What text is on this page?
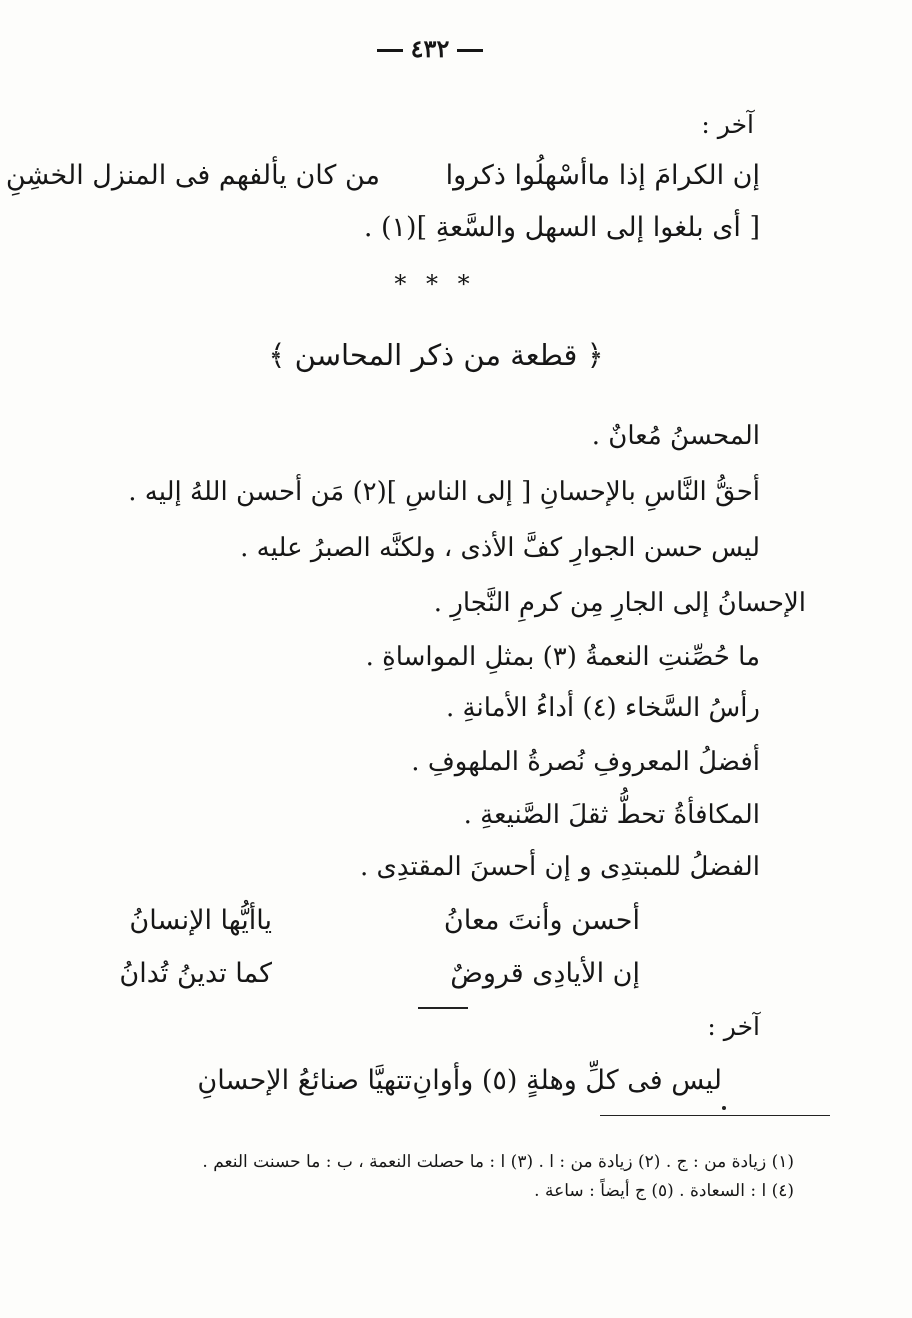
٤٣٢
آخر :
إن الكرامَ إذا ماأسْهلُوا ذكروا
من كان يألفهم فى المنزل الخشِنِ
[ أى بلغوا إلى السهل والسَّعةِ ](١) .
* * *
﴿ قطعة من ذكر المحاسن ﴾
المحسنُ مُعانٌ .
أحقُّ النَّاسِ بالإحسانِ [ إلى الناسِ ](٢) مَن أحسن اللهُ إليه .
ليس حسن الجوارِ كفَّ الأذى ، ولكنَّه الصبرُ عليه .
الإحسانُ إلى الجارِ مِن كرمِ النَّجارِ .
ما حُصِّنتِ النعمةُ (٣) بمثلِ المواساةِ .
رأسُ السَّخاء (٤) أداءُ الأمانةِ .
أفضلُ المعروفِ نُصرةُ الملهوفِ .
المكافأةُ تحطُّ ثقلَ الصَّنيعةِ .
الفضلُ للمبتدِى و إن أحسنَ المقتدِى .
أحسن وأنتَ معانُ
ياأيُّها الإنسانُ
إن الأيادِى قروضٌ
كما تدينُ تُدانُ
آخر :
ليس فى كلِّ وهلةٍ (٥) وأوانِ
تتهيَّا صنائعُ الإحسانِ
(١) زيادة من : ج . (٢) زيادة من : ا . (٣) ا : ما حصلت النعمة ، ب : ما حسنت النعم .
(٤) ا : السعادة . (٥) ج أيضاً : ساعة .
